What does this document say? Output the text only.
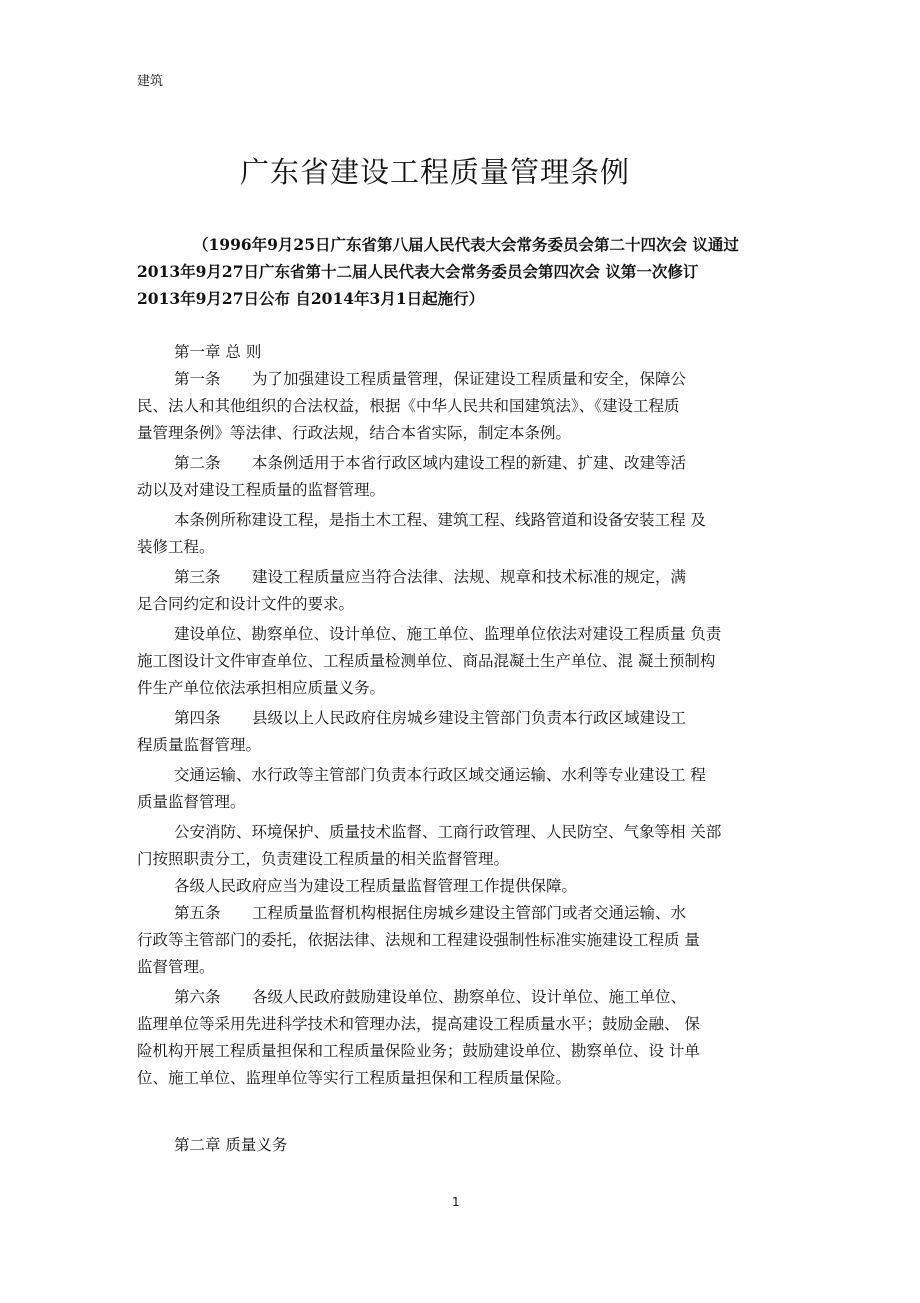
建筑
广东省建设工程质量管理条例
（1996年9月25日广东省第八届人民代表大会常务委员会第二十四次会 议通过
2013年9月27日广东省第十二届人民代表大会常务委员会第四次会 议第一次修订
2013年9月27日公布 自2014年3月1日起施行）
第一章 总 则
第一条 为了加强建设工程质量管理，保证建设工程质量和安全，保障公
民、法人和其他组织的合法权益，根据《中华人民共和国建筑法》、《建设工程质
量管理条例》等法律、行政法规，结合本省实际，制定本条例。
第二条 本条例适用于本省行政区域内建设工程的新建、扩建、改建等活
动以及对建设工程质量的监督管理。
本条例所称建设工程，是指土木工程、建筑工程、线路管道和设备安装工程 及
装修工程。
第三条 建设工程质量应当符合法律、法规、规章和技术标准的规定，满
足合同约定和设计文件的要求。
建设单位、勘察单位、设计单位、施工单位、监理单位依法对建设工程质量 负责
施工图设计文件审查单位、工程质量检测单位、商品混凝土生产单位、混 凝土预制构
件生产单位依法承担相应质量义务。
第四条 县级以上人民政府住房城乡建设主管部门负责本行政区域建设工
程质量监督管理。
交通运输、水行政等主管部门负责本行政区域交通运输、水利等专业建设工 程
质量监督管理。
公安消防、环境保护、质量技术监督、工商行政管理、人民防空、气象等相 关部
门按照职责分工，负责建设工程质量的相关监督管理。
各级人民政府应当为建设工程质量监督管理工作提供保障。
第五条 工程质量监督机构根据住房城乡建设主管部门或者交通运输、水
行政等主管部门的委托，依据法律、法规和工程建设强制性标准实施建设工程质 量
监督管理。
第六条 各级人民政府鼓励建设单位、勘察单位、设计单位、施工单位、
监理单位等采用先进科学技术和管理办法，提高建设工程质量水平；鼓励金融、 保
险机构开展工程质量担保和工程质量保险业务；鼓励建设单位、勘察单位、设 计单
位、施工单位、监理单位等实行工程质量担保和工程质量保险。
第二章 质量义务
1
